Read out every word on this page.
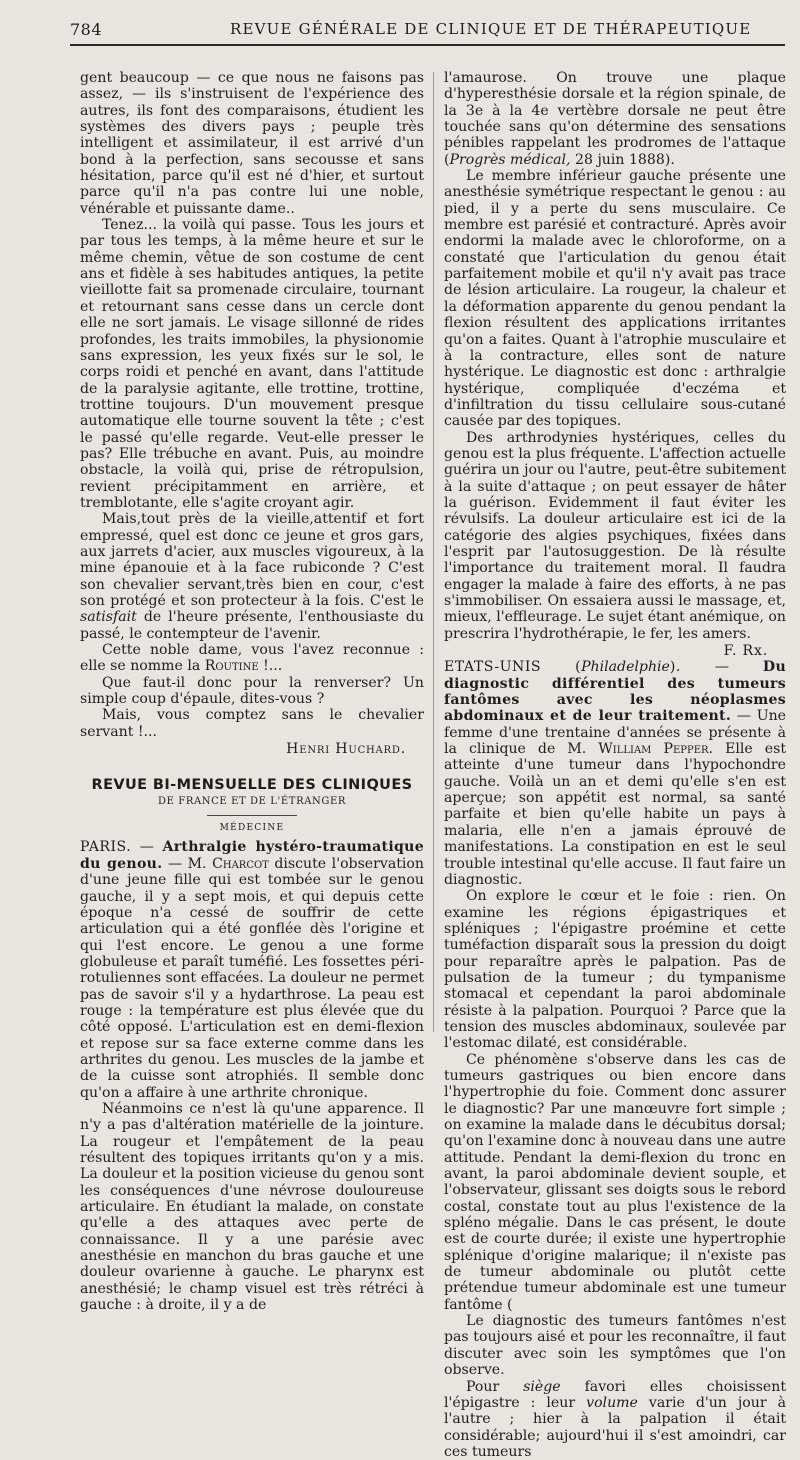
784	REVUE GÉNÉRALE DE CLINIQUE ET DE THÉRAPEUTIQUE

gent beaucoup — ce que nous ne faisons pas assez, — ils s'instruisent de l'expérience des autres, ils font des comparaisons, étudient les systèmes des divers pays ; peuple très intelligent et assimilateur, il est arrivé d'un bond à la perfection, sans secousse et sans hésitation, parce qu'il est né d'hier, et surtout parce qu'il n'a pas contre lui une noble, vénérable et puissante dame..

Tenez... la voilà qui passe. Tous les jours et par tous les temps, à la même heure et sur le même chemin, vêtue de son costume de cent ans et fidèle à ses habitudes antiques, la petite vieillotte fait sa promenade circulaire, tournant et retournant sans cesse dans un cercle dont elle ne sort jamais. Le visage sillonné de rides profondes, les traits immobiles, la physionomie sans expression, les yeux fixés sur le sol, le corps roidi et penché en avant, dans l'attitude de la paralysie agitante, elle trottine, trottine, trottine toujours. D'un mouvement presque automatique elle tourne souvent la tête ; c'est le passé qu'elle regarde. Veut-elle presser le pas? Elle trébuche en avant. Puis, au moindre obstacle, la voilà qui, prise de rétropulsion, revient précipitamment en arrière, et tremblotante, elle s'agite croyant agir.

Mais,tout près de la vieille,attentif et fort empressé, quel est donc ce jeune et gros gars, aux jarrets d'acier, aux muscles vigoureux, à la mine épanouie et à la face rubiconde ? C'est son chevalier servant,très bien en cour, c'est son protégé et son protecteur à la fois. C'est le satisfait de l'heure présente, l'enthousiaste du passé, le contempteur de l'avenir.

Cette noble dame, vous l'avez reconnue : elle se nomme la Routine !...

Que faut-il donc pour la renverser? Un simple coup d'épaule, dites-vous ?

Mais, vous comptez sans le chevalier servant !...

Henri Huchard.
REVUE BI-MENSUELLE DES CLINIQUES
DE FRANCE ET DE L'ÉTRANGER
MÉDECINE

PARIS. — Arthralgie hystéro-traumatique du genou. — M. Charcot discute l'observation d'une jeune fille qui est tombée sur le genou gauche, il y a sept mois, et qui depuis cette époque n'a cessé de souffrir de cette articulation qui a été gonflée dès l'origine et qui l'est encore. Le genou a une forme globuleuse et paraît tuméfié. Les fossettes péri-rotuliennes sont effacées. La douleur ne permet pas de savoir s'il y a hydarthrose. La peau est rouge : la température est plus élevée que du côté opposé. L'articulation est en demi-flexion et repose sur sa face externe comme dans les arthrites du genou. Les muscles de la jambe et de la cuisse sont atrophiés. Il semble donc qu'on a affaire à une arthrite chronique.

Néanmoins ce n'est là qu'une apparence. Il n'y a pas d'altération matérielle de la jointure. La rougeur et l'empâtement de la peau résultent des topiques irritants qu'on y a mis. La douleur et la position vicieuse du genou sont les conséquences d'une névrose douloureuse articulaire. En étudiant la malade, on constate qu'elle a des attaques avec perte de connaissance. Il y a une parésie avec anesthésie en manchon du bras gauche et une douleur ovarienne à gauche. Le pharynx est anesthésié; le champ visuel est très rétréci à gauche : à droite, il y a de

l'amaurose. On trouve une plaque d'hyperesthésie dorsale et la région spinale, de la 3e à la 4e vertèbre dorsale ne peut être touchée sans qu'on détermine des sensations pénibles rappelant les prodromes de l'attaque (Progrès médical, 28 juin 1888).

Le membre inférieur gauche présente une anesthésie symétrique respectant le genou : au pied, il y a perte du sens musculaire. Ce membre est parésié et contracturé. Après avoir endormi la malade avec le chloroforme, on a constaté que l'articulation du genou était parfaitement mobile et qu'il n'y avait pas trace de lésion articulaire. La rougeur, la chaleur et la déformation apparente du genou pendant la flexion résultent des applications irritantes qu'on a faites. Quant à l'atrophie musculaire et à la contracture, elles sont de nature hystérique. Le diagnostic est donc : arthralgie hystérique, compliquée d'eczéma et d'infiltration du tissu cellulaire sous-cutané causée par des topiques.

Des arthrodynies hystériques, celles du genou est la plus fréquente. L'affection actuelle guérira un jour ou l'autre, peut-être subitement à la suite d'attaque ; on peut essayer de hâter la guérison. Evidemment il faut éviter les révulsifs. La douleur articulaire est ici de la catégorie des algies psychiques, fixées dans l'esprit par l'autosuggestion. De là résulte l'importance du traitement moral. Il faudra engager la malade à faire des efforts, à ne pas s'immobiliser. On essaiera aussi le massage, et, mieux, l'effleurage. Le sujet étant anémique, on prescrira l'hydrothérapie, le fer, les amers.

F. Rx.

ETATS-UNIS (Philadelphie). — Du diagnostic différentiel des tumeurs fantômes avec les néoplasmes abdominaux et de leur traitement. — Une femme d'une trentaine d'années se présente à la clinique de M. William Pepper. Elle est atteinte d'une tumeur dans l'hypochondre gauche. Voilà un an et demi qu'elle s'en est aperçue; son appétit est normal, sa santé parfaite et bien qu'elle habite un pays à malaria, elle n'en a jamais éprouvé de manifestations. La constipation en est le seul trouble intestinal qu'elle accuse. Il faut faire un diagnostic.

On explore le cœur et le foie : rien. On examine les régions épigastriques et spléniques ; l'épigastre proémine et cette tuméfaction disparaît sous la pression du doigt pour reparaître après le palpation. Pas de pulsation de la tumeur ; du tympanisme stomacal et cependant la paroi abdominale résiste à la palpation. Pourquoi ? Parce que la tension des muscles abdominaux, soulevée par l'estomac dilaté, est considérable.

Ce phénomène s'observe dans les cas de tumeurs gastriques ou bien encore dans l'hypertrophie du foie. Comment donc assurer le diagnostic? Par une manœuvre fort simple ; on examine la malade dans le décubitus dorsal; qu'on l'examine donc à nouveau dans une autre attitude. Pendant la demi-flexion du tronc en avant, la paroi abdominale devient souple, et l'observateur, glissant ses doigts sous le rebord costal, constate tout au plus l'existence de la spléno mégalie. Dans le cas présent, le doute est de courte durée; il existe une hypertrophie splénique d'origine malarique; il n'existe pas de tumeur abdominale ou plutôt cette prétendue tumeur abdominale est une tumeur fantôme (

Le diagnostic des tumeurs fantômes n'est pas toujours aisé et pour les reconnaître, il faut discuter avec soin les symptômes que l'on observe.

Pour siège favori elles choisissent l'épigastre : leur volume varie d'un jour à l'autre ; hier à la palpation il était considérable; aujourd'hui il s'est amoindri, car ces tumeurs
